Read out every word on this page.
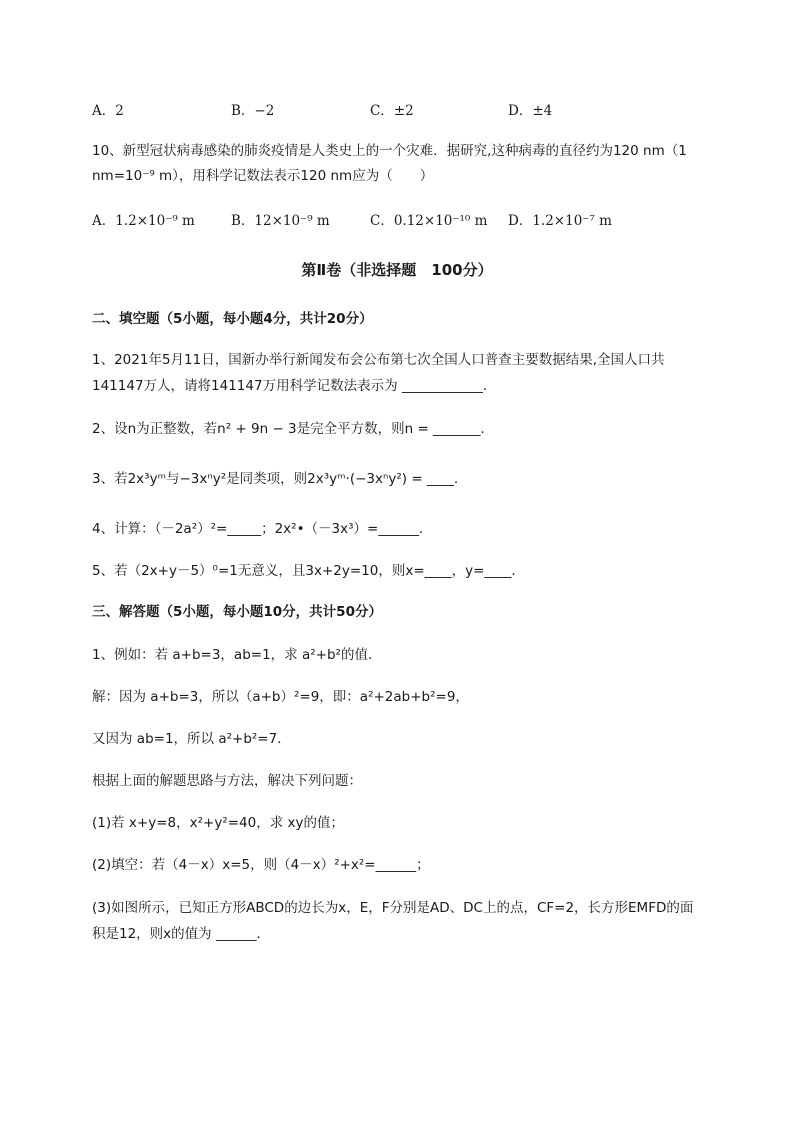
A．2	B．−2	C．±2	D．±4
10、新型冠状病毒感染的肺炎疫情是人类史上的一个灾难．据研究,这种病毒的直径约为120 nm（1
nm=10⁻⁹ m），用科学记数法表示120 nm应为（　　）
A．1.2×10⁻⁹ m	B．12×10⁻⁹ m	C．0.12×10⁻¹⁰ m D．1.2×10⁻⁷ m
第Ⅱ卷（非选择题　100分）
二、填空题（5小题，每小题4分，共计20分）
1、2021年5月11日，国新办举行新闻发布会公布第七次全国人口普查主要数据结果,全国人口共
141147万人，请将141147万用科学记数法表示为 ____________.
2、设n为正整数，若n² + 9n − 3是完全平方数，则n = _______.
3、若2x³yᵐ与−3xⁿy²是同类项，则2x³yᵐ·(−3xⁿy²) = ____.
4、计算：（－2a²）²=_____；2x²•（－3x³）=______.
5、若（2x+y－5）⁰=1无意义，且3x+2y=10，则x=____，y=____.
三、解答题（5小题，每小题10分，共计50分）
1、例如：若 a+b=3，ab=1，求 a²+b²的值．
解：因为 a+b=3，所以（a+b）²=9，即：a²+2ab+b²=9，
又因为 ab=1，所以 a²+b²=7．
根据上面的解题思路与方法，解决下列问题：
(1)若 x+y=8，x²+y²=40，求 xy的值；
(2)填空：若（4－x）x=5，则（4－x）²+x²=______；
(3)如图所示，已知正方形ABCD的边长为x，E，F分别是AD、DC上的点，CF=2，长方形EMFD的面
积是12，则x的值为 ______．
